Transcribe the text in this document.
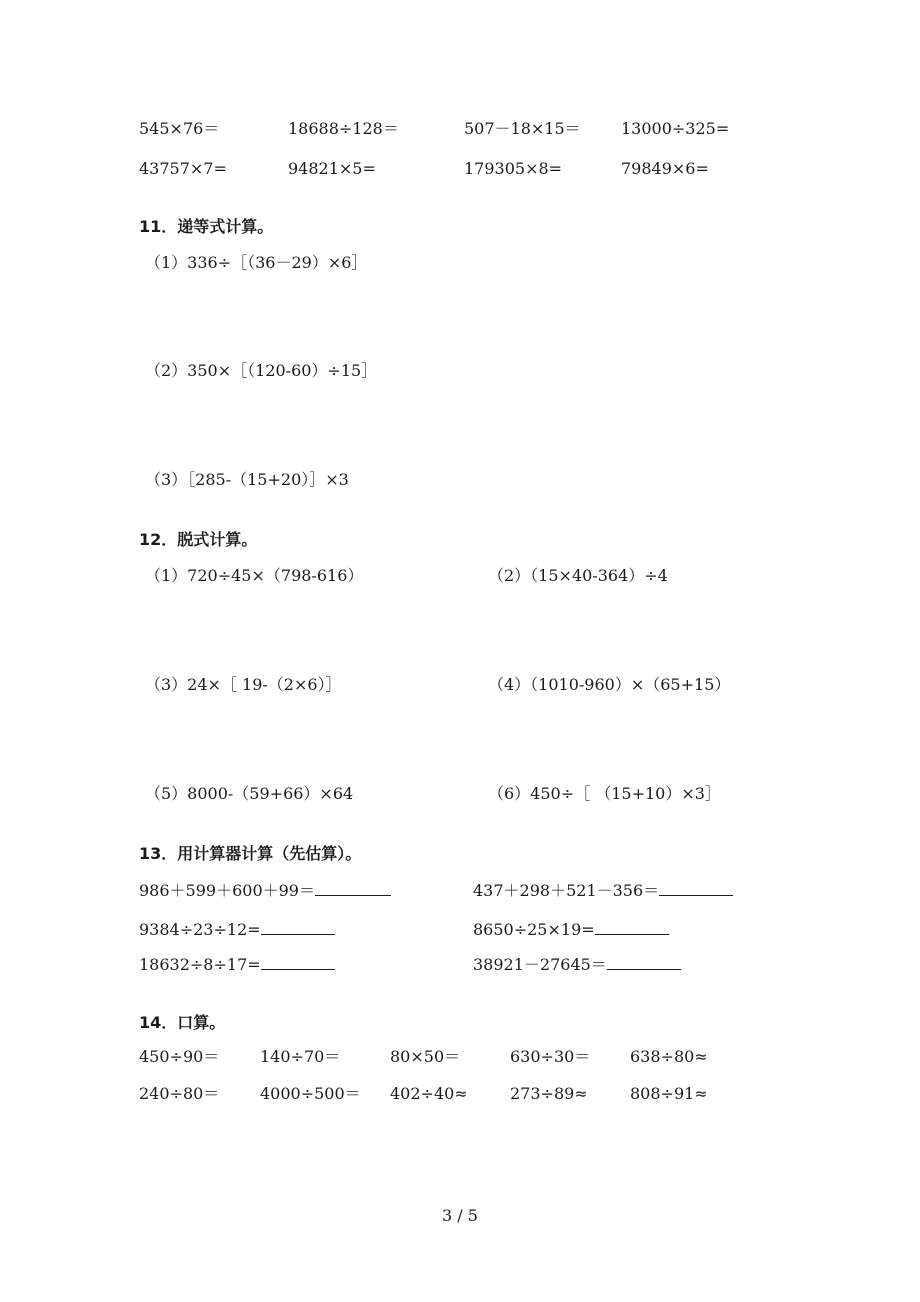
545×76＝	18688÷128＝	507－18×15＝	13000÷325=
43757×7=	94821×5=	179305×8=	79849×6=
11．递等式计算。
（1）336÷［（36－29）×6］
（2）350×［（120-60）÷15］
（3）［285-（15+20）］×3
12．脱式计算。
（1）720÷45×（798-616）	（2）（15×40-364）÷4
（3）24×［ 19-（2×6）］	（4）（1010-960）×（65+15）
（5）8000-（59+66）×64	（6）450÷［ （15+10）×3］
13．用计算器计算（先估算）。
986＋599＋600＋99＝	437＋298＋521－356＝
9384÷23÷12=	8650÷25×19=
18632÷8÷17=	38921－27645＝
14．口算。
450÷90＝	140÷70＝	80×50＝	630÷30＝ 638÷80≈
240÷80＝	4000÷500＝ 402÷40≈	273÷89≈	808÷91≈
3 / 5
